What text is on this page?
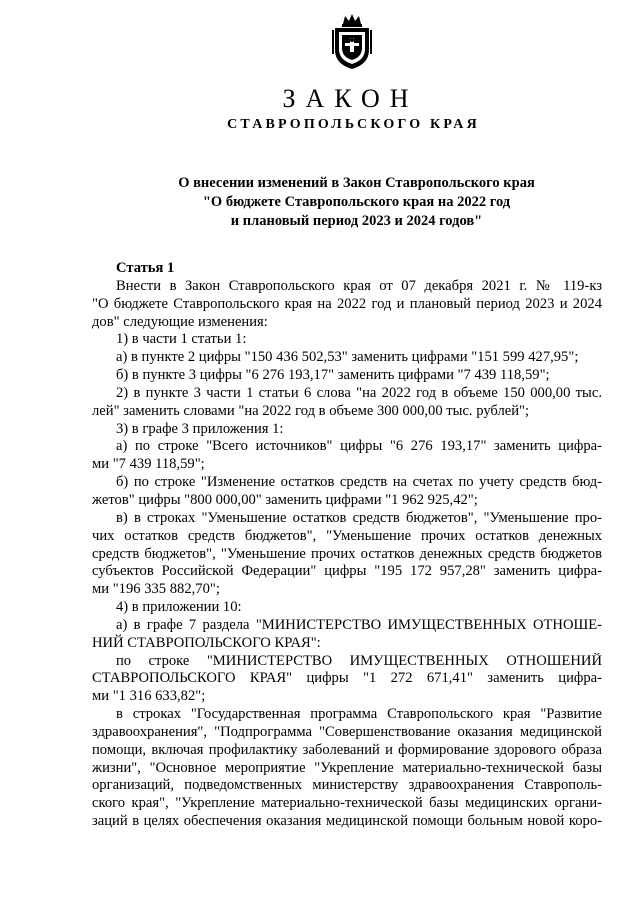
ЗАКОН
СТАВРОПОЛЬСКОГО КРАЯ
О внесении изменений в Закон Ставропольского края
"О бюджете Ставропольского края на 2022 год
и плановый период 2023 и 2024 годов"
Статья 1
Внести в Закон Ставропольского края от 07 декабря 2021 г. № 119-кз
"О бюджете Ставропольского края на 2022 год и плановый период 2023 и 2024
дов" следующие изменения:
1) в части 1 статьи 1:
а) в пункте 2 цифры "150 436 502,53" заменить цифрами "151 599 427,95";
б) в пункте 3 цифры "6 276 193,17" заменить цифрами "7 439 118,59";
2) в пункте 3 части 1 статьи 6 слова "на 2022 год в объеме 150 000,00 тыс.
лей" заменить словами "на 2022 год в объеме 300 000,00 тыс. рублей";
3) в графе 3 приложения 1:
а) по строке "Всего источников" цифры "6 276 193,17" заменить цифра-
ми "7 439 118,59";
б) по строке "Изменение остатков средств на счетах по учету средств бюд-
жетов" цифры "800 000,00" заменить цифрами "1 962 925,42";
в) в строках "Уменьшение остатков средств бюджетов", "Уменьшение про-
чих остатков средств бюджетов", "Уменьшение прочих остатков денежных
средств бюджетов", "Уменьшение прочих остатков денежных средств бюджетов
субъектов Российской Федерации" цифры "195 172 957,28" заменить цифра-
ми "196 335 882,70";
4) в приложении 10:
а) в графе 7 раздела "МИНИСТЕРСТВО ИМУЩЕСТВЕННЫХ ОТНОШЕ-
НИЙ СТАВРОПОЛЬСКОГО КРАЯ":
по строке "МИНИСТЕРСТВО ИМУЩЕСТВЕННЫХ ОТНОШЕНИЙ
СТАВРОПОЛЬСКОГО КРАЯ" цифры "1 272 671,41" заменить цифра-
ми "1 316 633,82";
в строках "Государственная программа Ставропольского края "Развитие
здравоохранения", "Подпрограмма "Совершенствование оказания медицинской
помощи, включая профилактику заболеваний и формирование здорового образа
жизни", "Основное мероприятие "Укрепление материально-технической базы
организаций, подведомственных министерству здравоохранения Ставрополь-
ского края", "Укрепление материально-технической базы медицинских органи-
заций в целях обеспечения оказания медицинской помощи больным новой коро-
